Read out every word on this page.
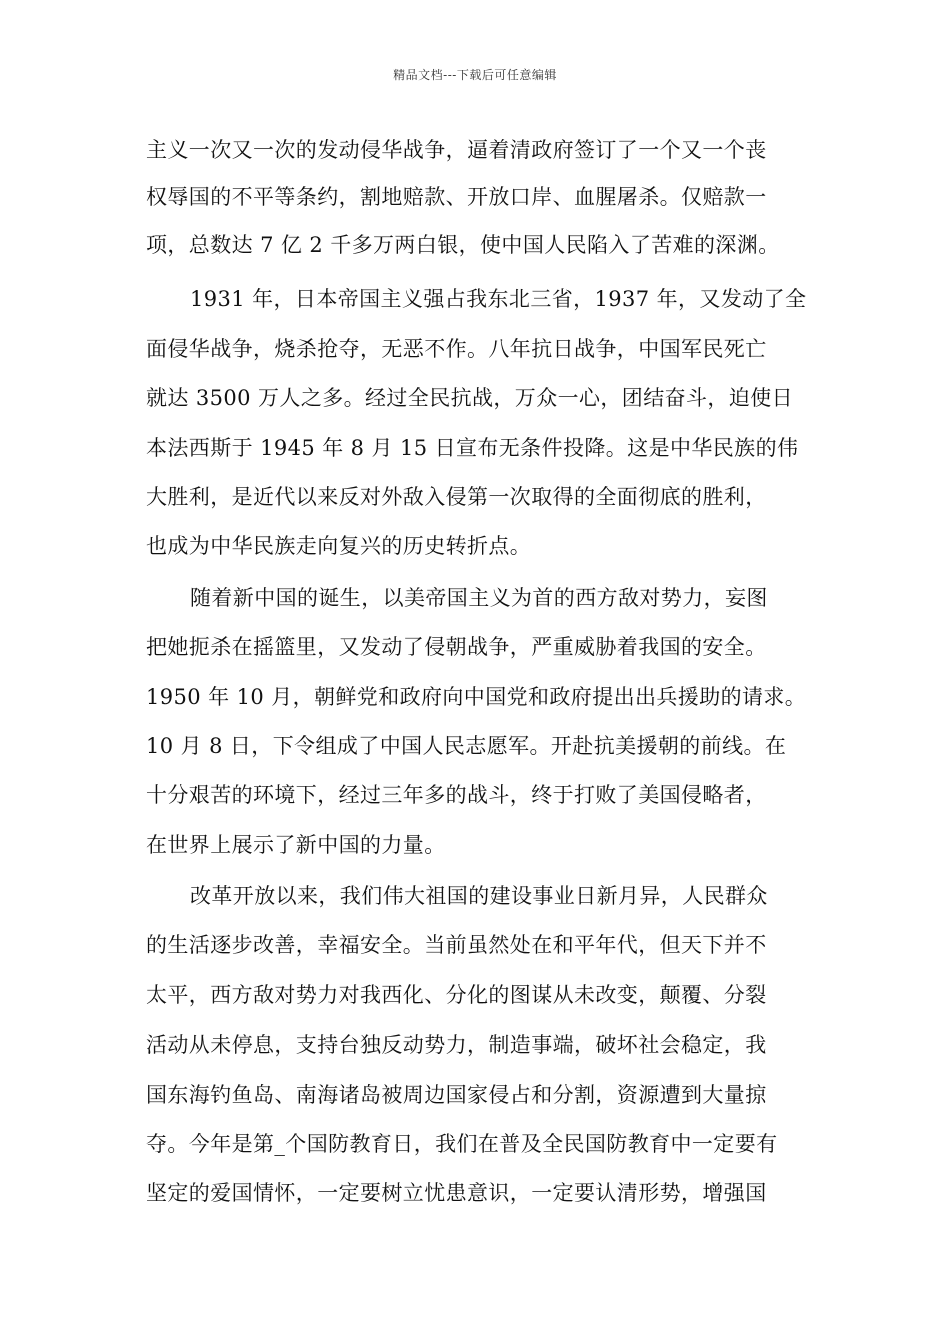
精品文档---下载后可任意编辑
主义一次又一次的发动侵华战争，逼着清政府签订了一个又一个丧
权辱国的不平等条约，割地赔款、开放口岸、血腥屠杀。仅赔款一
项，总数达 7 亿 2 千多万两白银，使中国人民陷入了苦难的深渊。
1931 年，日本帝国主义强占我东北三省，1937 年，又发动了全
面侵华战争，烧杀抢夺，无恶不作。八年抗日战争，中国军民死亡
就达 3500 万人之多。经过全民抗战，万众一心，团结奋斗，迫使日
本法西斯于 1945 年 8 月 15 日宣布无条件投降。这是中华民族的伟
大胜利，是近代以来反对外敌入侵第一次取得的全面彻底的胜利，
也成为中华民族走向复兴的历史转折点。
随着新中国的诞生，以美帝国主义为首的西方敌对势力，妄图
把她扼杀在摇篮里，又发动了侵朝战争，严重威胁着我国的安全。
1950 年 10 月，朝鲜党和政府向中国党和政府提出出兵援助的请求。
10 月 8 日，下令组成了中国人民志愿军。开赴抗美援朝的前线。在
十分艰苦的环境下，经过三年多的战斗，终于打败了美国侵略者，
在世界上展示了新中国的力量。
改革开放以来，我们伟大祖国的建设事业日新月异，人民群众
的生活逐步改善，幸福安全。当前虽然处在和平年代，但天下并不
太平，西方敌对势力对我西化、分化的图谋从未改变，颠覆、分裂
活动从未停息，支持台独反动势力，制造事端，破坏社会稳定，我
国东海钓鱼岛、南海诸岛被周边国家侵占和分割，资源遭到大量掠
夺。今年是第_个国防教育日，我们在普及全民国防教育中一定要有
坚定的爱国情怀，一定要树立忧患意识，一定要认清形势，增强国
